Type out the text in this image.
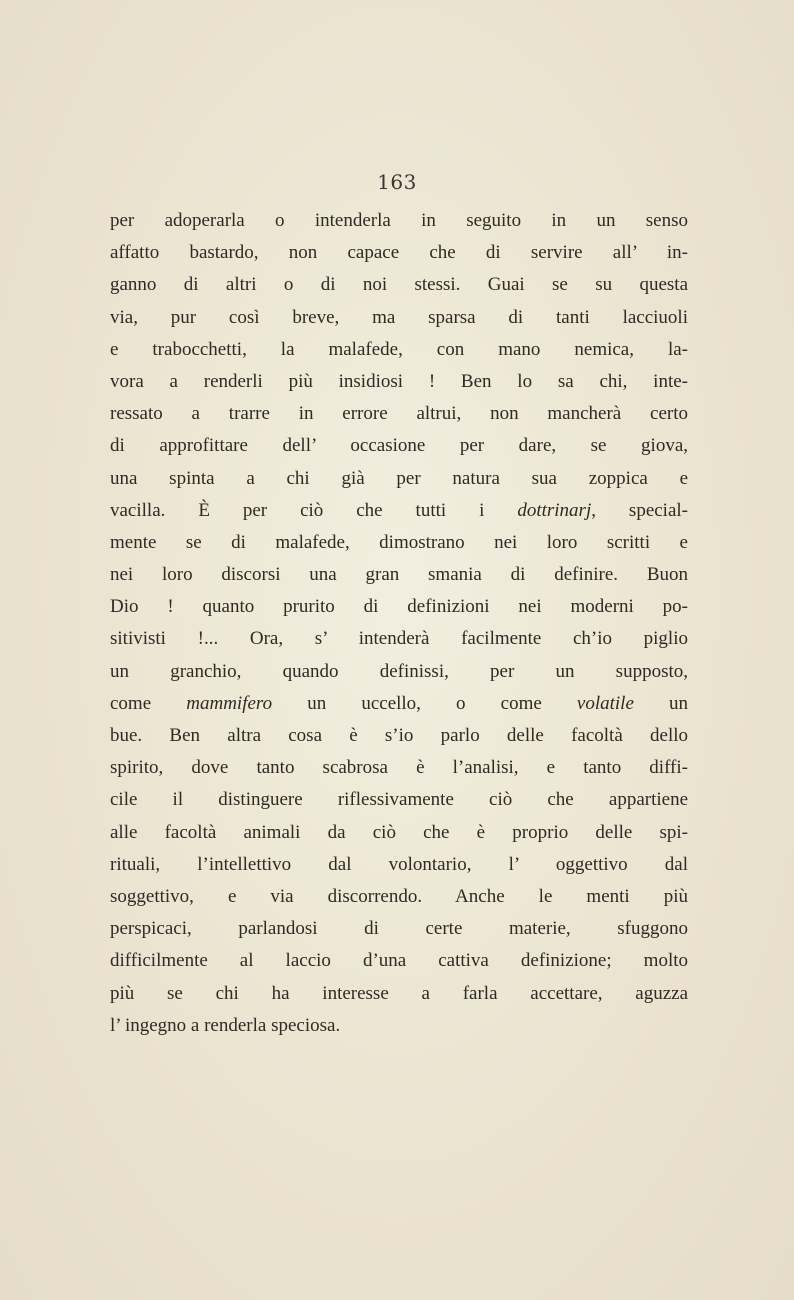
163
per adoperarla o intenderla in seguito in un senso
affatto bastardo, non capace che di servire all’ in-
ganno di altri o di noi stessi. Guai se su questa
via, pur così breve, ma sparsa di tanti lacciuoli
e trabocchetti, la malafede, con mano nemica, la-
vora a renderli più insidiosi ! Ben lo sa chi, inte-
ressato a trarre in errore altrui, non mancherà certo
di approfittare dell’ occasione per dare, se giova,
una spinta a chi già per natura sua zoppica e
vacilla. È per ciò che tutti i dottrinarj, special-
mente se di malafede, dimostrano nei loro scritti e
nei loro discorsi una gran smania di definire. Buon
Dio ! quanto prurito di definizioni nei moderni po-
sitivisti !... Ora, s’ intenderà facilmente ch’io piglio
un granchio, quando definissi, per un supposto,
come mammifero un uccello, o come volatile un
bue. Ben altra cosa è s’io parlo delle facoltà dello
spirito, dove tanto scabrosa è l’analisi, e tanto diffi-
cile il distinguere riflessivamente ciò che appartiene
alle facoltà animali da ciò che è proprio delle spi-
rituali, l’intellettivo dal volontario, l’ oggettivo dal
soggettivo, e via discorrendo. Anche le menti più
perspicaci, parlandosi di certe materie, sfuggono
difficilmente al laccio d’una cattiva definizione; molto
più se chi ha interesse a farla accettare, aguzza
l’ ingegno a renderla speciosa.
